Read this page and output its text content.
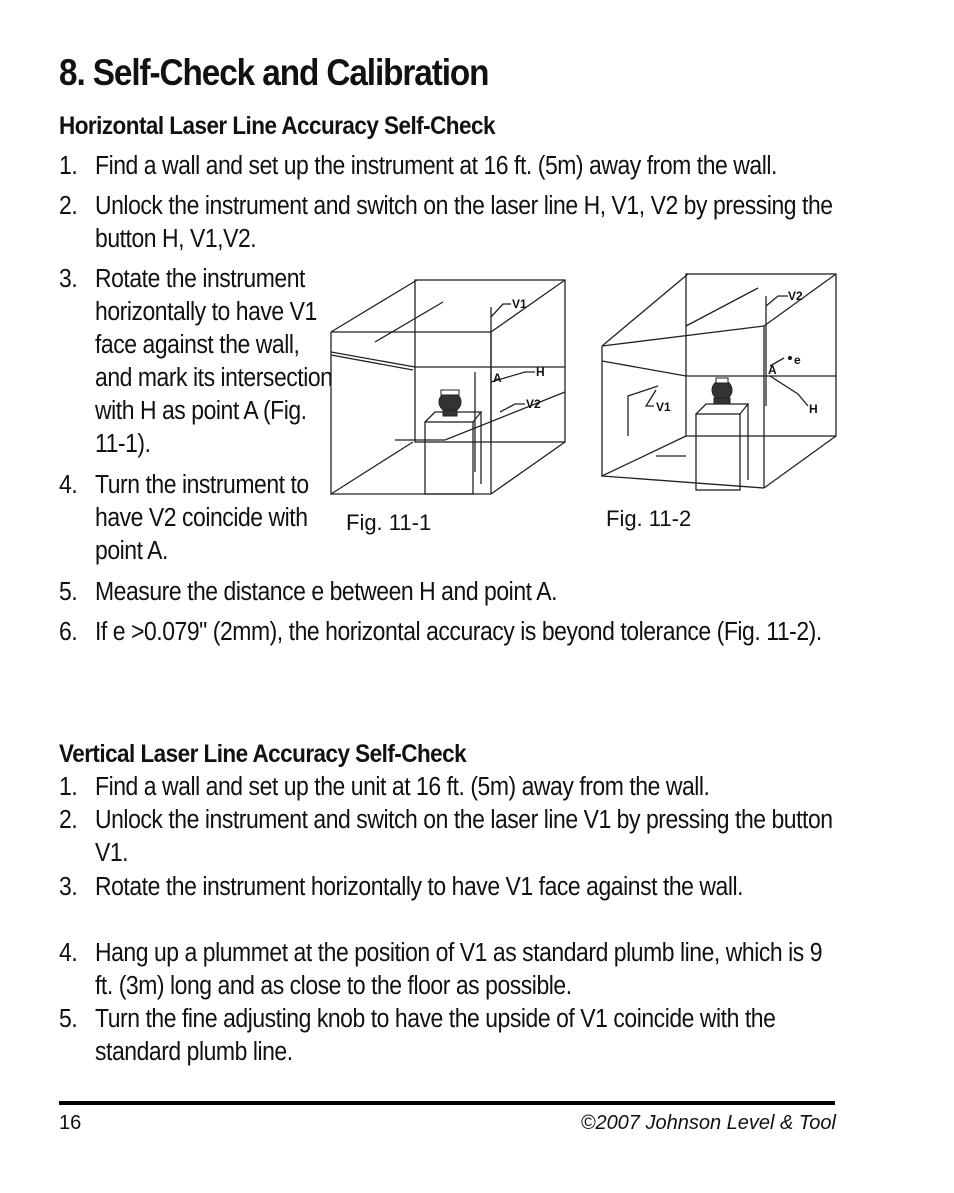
8. Self-Check and Calibration
Horizontal Laser Line Accuracy Self-Check
1. Find a wall and set up the instrument at 16 ft. (5m) away from the wall.
2. Unlock the instrument and switch on the laser line H, V1, V2 by pressing the button H, V1,V2.
3. Rotate the instrument horizontally to have V1 face against the wall, and mark its intersection with H as point A (Fig. 11-1).
4. Turn the instrument to have V2 coincide with point A.
5. Measure the distance e between H and point A.
6. If e >0.079" (2mm), the horizontal accuracy is beyond tolerance (Fig. 11-2).
V1
H
V2
A
Fig. 11-1
V2
e
H
A
V1
Fig. 11-2
Vertical Laser Line Accuracy Self-Check
1. Find a wall and set up the unit at 16 ft. (5m) away from the wall.
2. Unlock the instrument and switch on the laser line V1 by pressing the button V1.
3. Rotate the instrument horizontally to have V1 face against the wall.
4. Hang up a plummet at the position of V1 as standard plumb line, which is 9 ft. (3m) long and as close to the floor as possible.
5. Turn the fine adjusting knob to have the upside of V1 coincide with the standard plumb line.
16	©2007 Johnson Level & Tool
